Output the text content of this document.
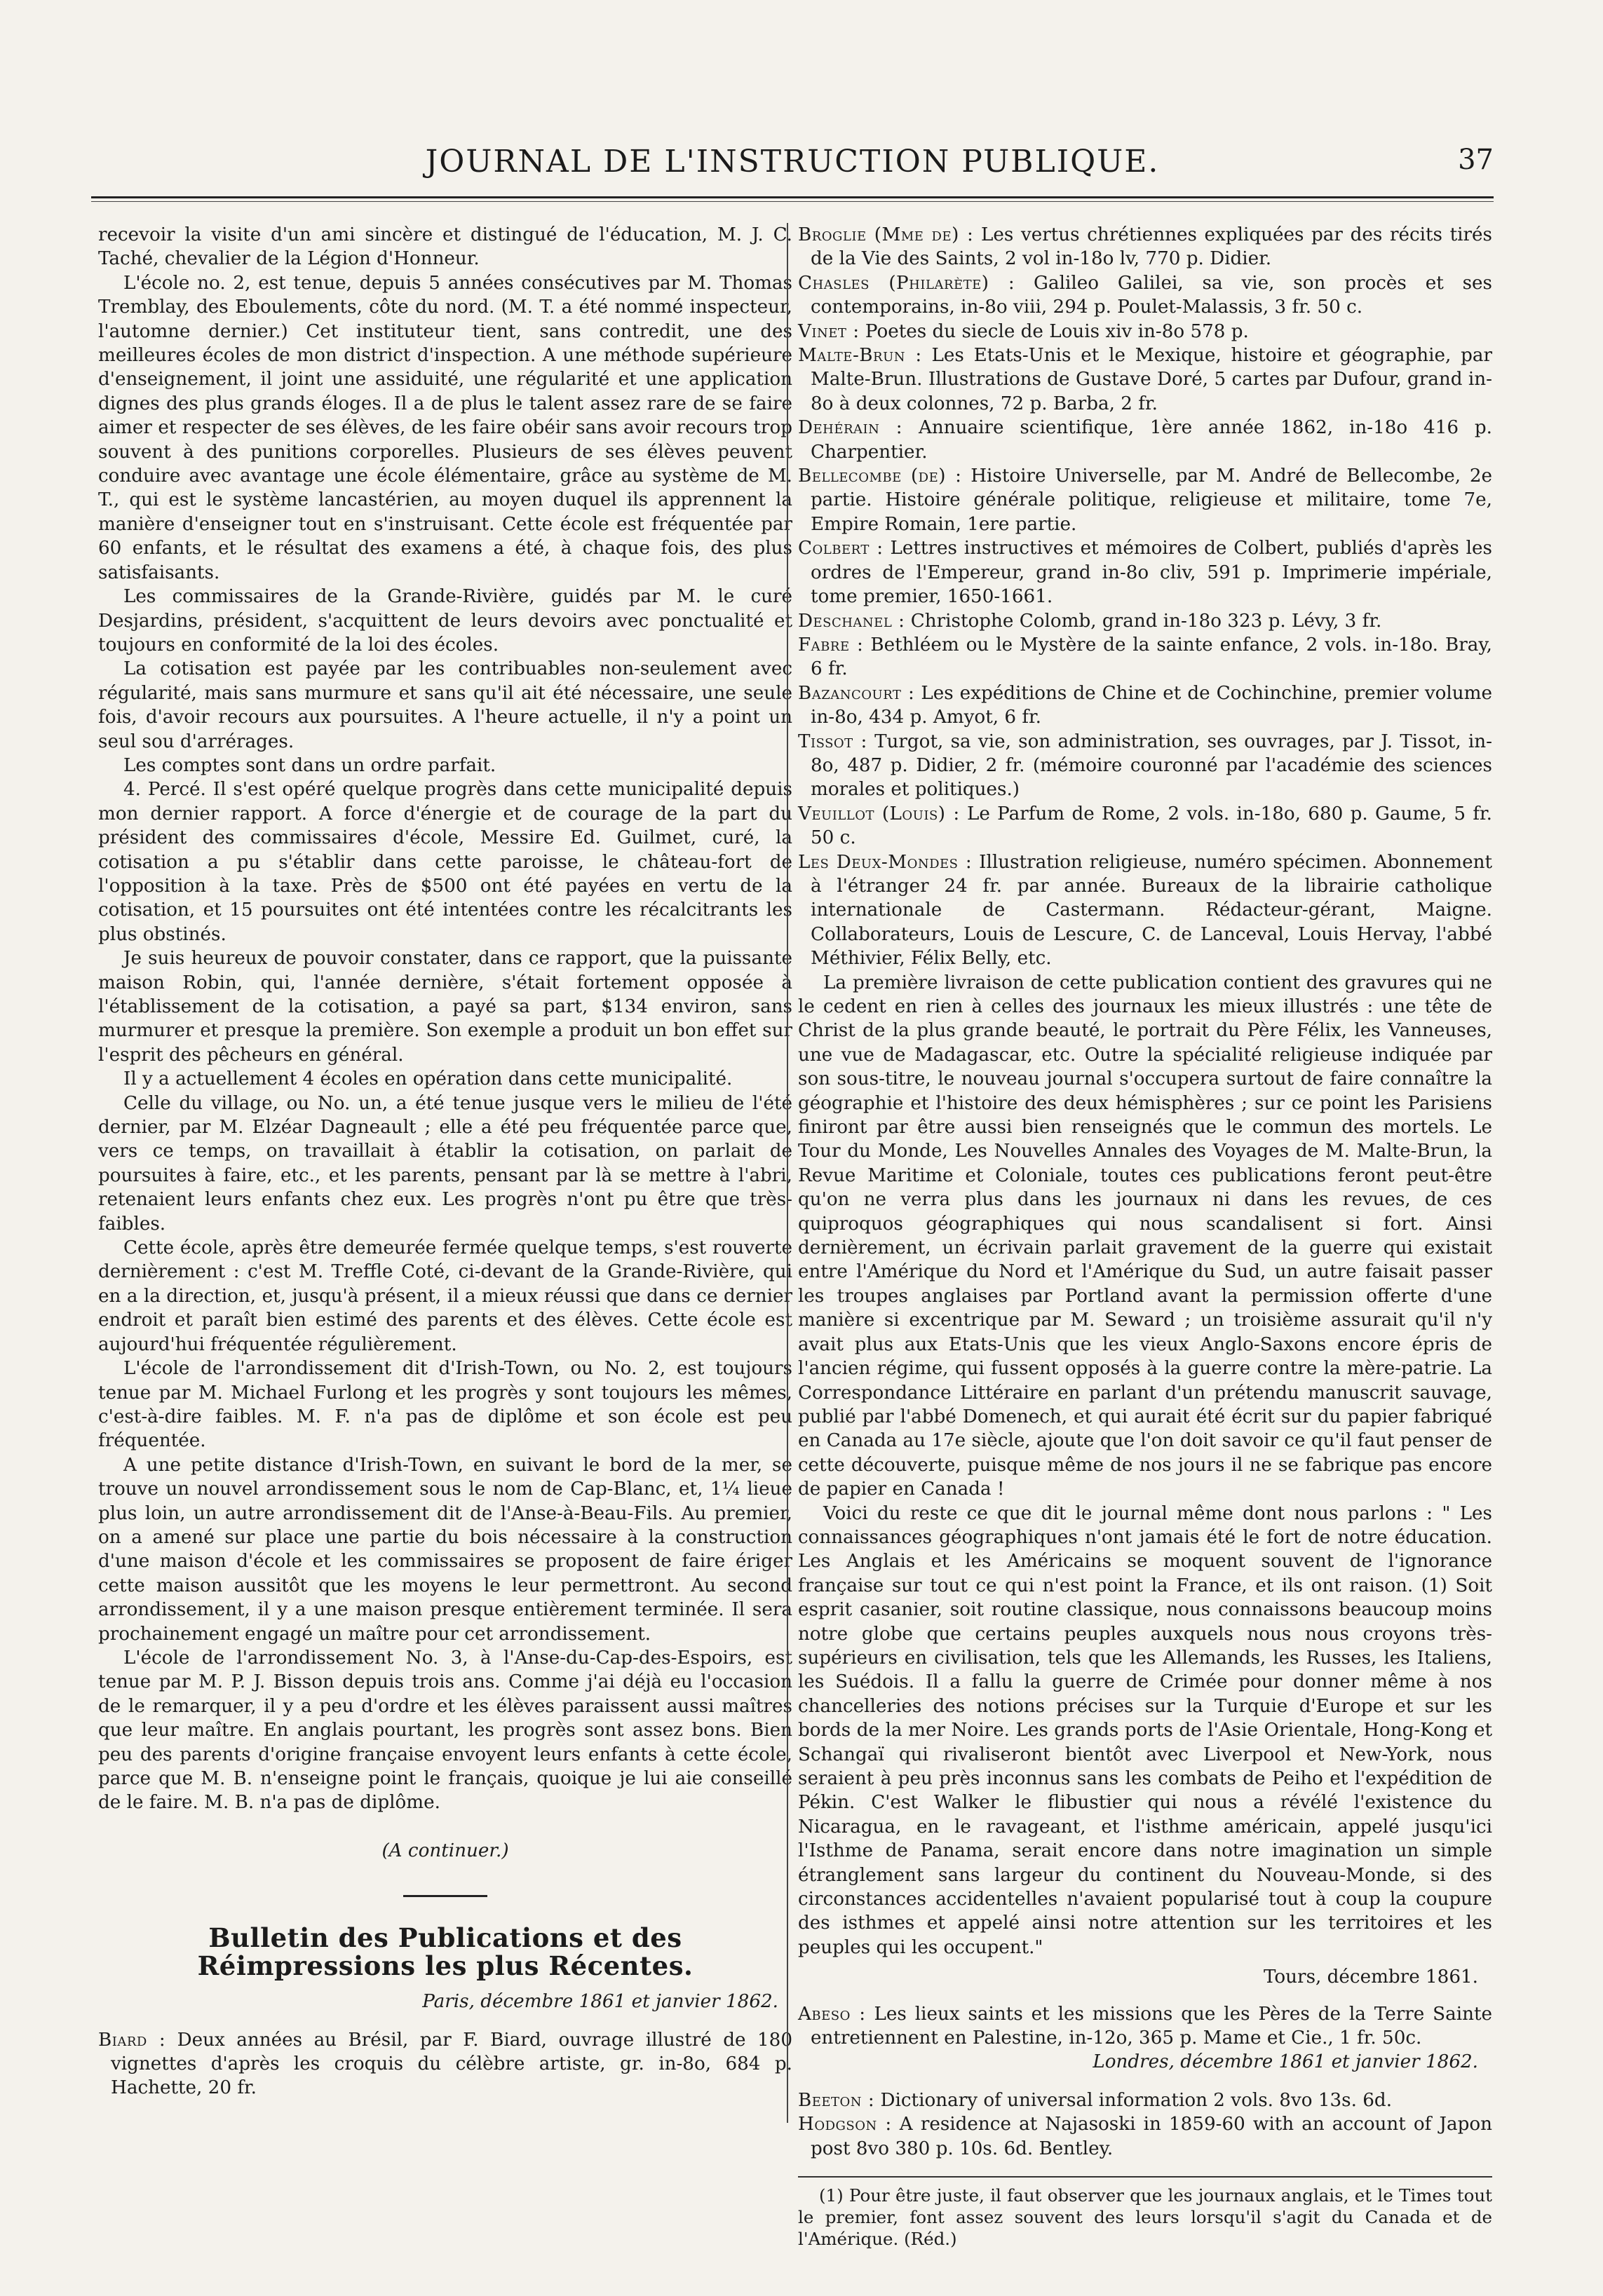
JOURNAL DE L'INSTRUCTION PUBLIQUE.	37

recevoir la visite d'un ami sincère et distingué de l'éducation, M. J. C. Taché, chevalier de la Légion d'Honneur.

L'école no. 2, est tenue, depuis 5 années consécutives par M. Thomas Tremblay, des Eboulements, côte du nord. (M. T. a été nommé inspecteur, l'automne dernier.) Cet instituteur tient, sans contredit, une des meilleures écoles de mon district d'inspection. A une méthode supérieure d'enseignement, il joint une assiduité, une régularité et une application dignes des plus grands éloges. Il a de plus le talent assez rare de se faire aimer et respecter de ses élèves, de les faire obéir sans avoir recours trop souvent à des punitions corporelles. Plusieurs de ses élèves peuvent conduire avec avantage une école élémentaire, grâce au système de M. T., qui est le système lancastérien, au moyen duquel ils apprennent la manière d'enseigner tout en s'instruisant. Cette école est fréquentée par 60 enfants, et le résultat des examens a été, à chaque fois, des plus satisfaisants.

Les commissaires de la Grande-Rivière, guidés par M. le curé Desjardins, président, s'acquittent de leurs devoirs avec ponctualité et toujours en conformité de la loi des écoles.

La cotisation est payée par les contribuables non-seulement avec régularité, mais sans murmure et sans qu'il ait été nécessaire, une seule fois, d'avoir recours aux poursuites. A l'heure actuelle, il n'y a point un seul sou d'arrérages.

Les comptes sont dans un ordre parfait.

4. Percé. Il s'est opéré quelque progrès dans cette municipalité depuis mon dernier rapport. A force d'énergie et de courage de la part du président des commissaires d'école, Messire Ed. Guilmet, curé, la cotisation a pu s'établir dans cette paroisse, le château-fort de l'opposition à la taxe. Près de $500 ont été payées en vertu de la cotisation, et 15 poursuites ont été intentées contre les récalcitrants les plus obstinés.

Je suis heureux de pouvoir constater, dans ce rapport, que la puissante maison Robin, qui, l'année dernière, s'était fortement opposée à l'établissement de la cotisation, a payé sa part, $134 environ, sans murmurer et presque la première. Son exemple a produit un bon effet sur l'esprit des pêcheurs en général.

Il y a actuellement 4 écoles en opération dans cette municipalité.

Celle du village, ou No. un, a été tenue jusque vers le milieu de l'été dernier, par M. Elzéar Dagneault ; elle a été peu fréquentée parce que, vers ce temps, on travaillait à établir la cotisation, on parlait de poursuites à faire, etc., et les parents, pensant par là se mettre à l'abri, retenaient leurs enfants chez eux. Les progrès n'ont pu être que très-faibles.

Cette école, après être demeurée fermée quelque temps, s'est rouverte dernièrement : c'est M. Treffle Coté, ci-devant de la Grande-Rivière, qui en a la direction, et, jusqu'à présent, il a mieux réussi que dans ce dernier endroit et paraît bien estimé des parents et des élèves. Cette école est aujourd'hui fréquentée régulièrement.

L'école de l'arrondissement dit d'Irish-Town, ou No. 2, est toujours tenue par M. Michael Furlong et les progrès y sont toujours les mêmes, c'est-à-dire faibles. M. F. n'a pas de diplôme et son école est peu fréquentée.

A une petite distance d'Irish-Town, en suivant le bord de la mer, se trouve un nouvel arrondissement sous le nom de Cap-Blanc, et, 1¼ lieue plus loin, un autre arrondissement dit de l'Anse-à-Beau-Fils. Au premier, on a amené sur place une partie du bois nécessaire à la construction d'une maison d'école et les commissaires se proposent de faire ériger cette maison aussitôt que les moyens le leur permettront. Au second arrondissement, il y a une maison presque entièrement terminée. Il sera prochainement engagé un maître pour cet arrondissement.

L'école de l'arrondissement No. 3, à l'Anse-du-Cap-des-Espoirs, est tenue par M. P. J. Bisson depuis trois ans. Comme j'ai déjà eu l'occasion de le remarquer, il y a peu d'ordre et les élèves paraissent aussi maîtres que leur maître. En anglais pourtant, les progrès sont assez bons. Bien peu des parents d'origine française envoyent leurs enfants à cette école, parce que M. B. n'enseigne point le français, quoique je lui aie conseillé de le faire. M. B. n'a pas de diplôme.

(A continuer.)

Bulletin des Publications et des Réimpressions les plus Récentes.

Paris, décembre 1861 et janvier 1862.

Biard : Deux années au Brésil, par F. Biard, ouvrage illustré de 180 vignettes d'après les croquis du célèbre artiste, gr. in-8o, 684 p. Hachette, 20 fr.

Broglie (Mme de) : Les vertus chrétiennes expliquées par des récits tirés de la Vie des Saints, 2 vol in-18o lv, 770 p. Didier.

Chasles (Philarète) : Galileo Galilei, sa vie, son procès et ses contemporains, in-8o viii, 294 p. Poulet-Malassis, 3 fr. 50 c.

Vinet : Poetes du siecle de Louis xiv in-8o 578 p.

Malte-Brun : Les Etats-Unis et le Mexique, histoire et géographie, par Malte-Brun. Illustrations de Gustave Doré, 5 cartes par Dufour, grand in-8o à deux colonnes, 72 p. Barba, 2 fr.

Dehérain : Annuaire scientifique, 1ère année 1862, in-18o 416 p. Charpentier.

Bellecombe (de) : Histoire Universelle, par M. André de Bellecombe, 2e partie. Histoire générale politique, religieuse et militaire, tome 7e, Empire Romain, 1ere partie.

Colbert : Lettres instructives et mémoires de Colbert, publiés d'après les ordres de l'Empereur, grand in-8o cliv, 591 p. Imprimerie impériale, tome premier, 1650-1661.

Deschanel : Christophe Colomb, grand in-18o 323 p. Lévy, 3 fr.

Fabre : Bethléem ou le Mystère de la sainte enfance, 2 vols. in-18o. Bray, 6 fr.

Bazancourt : Les expéditions de Chine et de Cochinchine, premier volume in-8o, 434 p. Amyot, 6 fr.

Tissot : Turgot, sa vie, son administration, ses ouvrages, par J. Tissot, in-8o, 487 p. Didier, 2 fr. (mémoire couronné par l'académie des sciences morales et politiques.)

Veuillot (Louis) : Le Parfum de Rome, 2 vols. in-18o, 680 p. Gaume, 5 fr. 50 c.

Les Deux-Mondes : Illustration religieuse, numéro spécimen. Abonnement à l'étranger 24 fr. par année. Bureaux de la librairie catholique internationale de Castermann. Rédacteur-gérant, Maigne. Collaborateurs, Louis de Lescure, C. de Lanceval, Louis Hervay, l'abbé Méthivier, Félix Belly, etc.

La première livraison de cette publication contient des gravures qui ne le cedent en rien à celles des journaux les mieux illustrés : une tête de Christ de la plus grande beauté, le portrait du Père Félix, les Vanneuses, une vue de Madagascar, etc. Outre la spécialité religieuse indiquée par son sous-titre, le nouveau journal s'occupera surtout de faire connaître la géographie et l'histoire des deux hémisphères ; sur ce point les Parisiens finiront par être aussi bien renseignés que le commun des mortels. Le Tour du Monde, Les Nouvelles Annales des Voyages de M. Malte-Brun, la Revue Maritime et Coloniale, toutes ces publications feront peut-être qu'on ne verra plus dans les journaux ni dans les revues, de ces quiproquos géographiques qui nous scandalisent si fort. Ainsi dernièrement, un écrivain parlait gravement de la guerre qui existait entre l'Amérique du Nord et l'Amérique du Sud, un autre faisait passer les troupes anglaises par Portland avant la permission offerte d'une manière si excentrique par M. Seward ; un troisième assurait qu'il n'y avait plus aux Etats-Unis que les vieux Anglo-Saxons encore épris de l'ancien régime, qui fussent opposés à la guerre contre la mère-patrie. La Correspondance Littéraire en parlant d'un prétendu manuscrit sauvage, publié par l'abbé Domenech, et qui aurait été écrit sur du papier fabriqué en Canada au 17e siècle, ajoute que l'on doit savoir ce qu'il faut penser de cette découverte, puisque même de nos jours il ne se fabrique pas encore de papier en Canada !

Voici du reste ce que dit le journal même dont nous parlons : " Les connaissances géographiques n'ont jamais été le fort de notre éducation. Les Anglais et les Américains se moquent souvent de l'ignorance française sur tout ce qui n'est point la France, et ils ont raison. (1) Soit esprit casanier, soit routine classique, nous connaissons beaucoup moins notre globe que certains peuples auxquels nous nous croyons très-supérieurs en civilisation, tels que les Allemands, les Russes, les Italiens, les Suédois. Il a fallu la guerre de Crimée pour donner même à nos chancelleries des notions précises sur la Turquie d'Europe et sur les bords de la mer Noire. Les grands ports de l'Asie Orientale, Hong-Kong et Schangaï qui rivaliseront bientôt avec Liverpool et New-York, nous seraient à peu près inconnus sans les combats de Peiho et l'expédition de Pékin. C'est Walker le flibustier qui nous a révélé l'existence du Nicaragua, en le ravageant, et l'isthme américain, appelé jusqu'ici l'Isthme de Panama, serait encore dans notre imagination un simple étranglement sans largeur du continent du Nouveau-Monde, si des circonstances accidentelles n'avaient popularisé tout à coup la coupure des isthmes et appelé ainsi notre attention sur les territoires et les peuples qui les occupent."

Tours, décembre 1861.

Abeso : Les lieux saints et les missions que les Pères de la Terre Sainte entretiennent en Palestine, in-12o, 365 p. Mame et Cie., 1 fr. 50c.

Londres, décembre 1861 et janvier 1862.

Beeton : Dictionary of universal information 2 vols. 8vo 13s. 6d.

Hodgson : A residence at Najasoski in 1859-60 with an account of Japon post 8vo 380 p. 10s. 6d. Bentley.

(1) Pour être juste, il faut observer que les journaux anglais, et le Times tout le premier, font assez souvent des leurs lorsqu'il s'agit du Canada et de l'Amérique. (Réd.)
